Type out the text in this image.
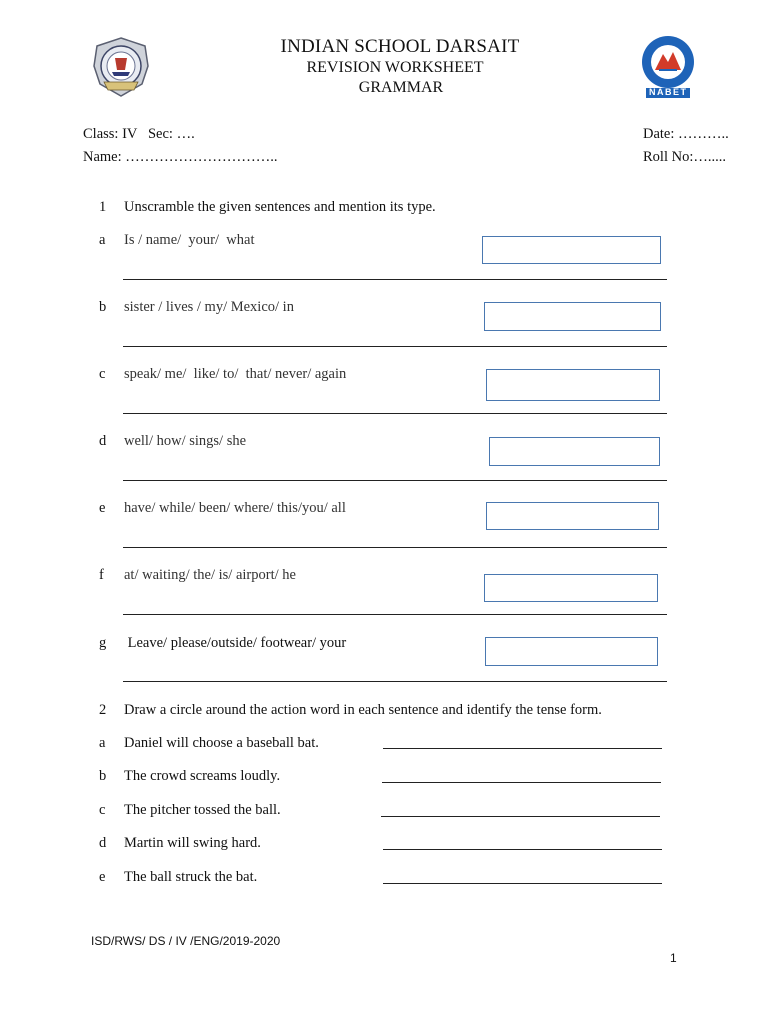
NABET
INDIAN SCHOOL DARSAIT
REVISION WORKSHEET
GRAMMAR
Class: IV   Sec: ….
Name: …………………………..
Date: ………..
Roll No:….....
1 Unscramble the given sentences and mention its type.
a Is / name/  your/  what
b sister / lives / my/ Mexico/ in
c speak/ me/  like/ to/  that/ never/ again
d well/ how/ sings/ she
e have/ while/ been/ where/ this/you/ all
f at/ waiting/ the/ is/ airport/ he
g Leave/ please/outside/ footwear/ your
2 Draw a circle around the action word in each sentence and identify the tense form.
a Daniel will choose a baseball bat.
b The crowd screams loudly.
c The pitcher tossed the ball.
d Martin will swing hard.
e The ball struck the bat.
ISD/RWS/ DS / IV /ENG/2019-2020
1
